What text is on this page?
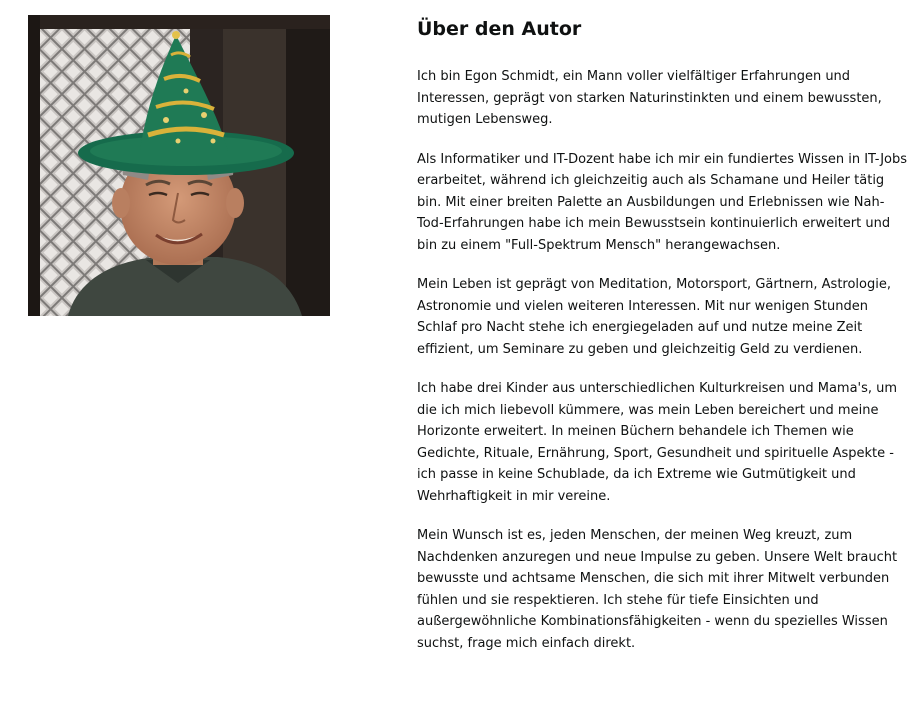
Über den Autor

Ich bin Egon Schmidt, ein Mann voller vielfältiger Erfahrungen und Interessen, geprägt von starken Naturinstinkten und einem bewussten, mutigen Lebensweg.

Als Informatiker und IT-Dozent habe ich mir ein fundiertes Wissen in IT-Jobs erarbeitet, während ich gleichzeitig auch als Schamane und Heiler tätig bin. Mit einer breiten Palette an Ausbildungen und Erlebnissen wie Nah-Tod-Erfahrungen habe ich mein Bewusstsein kontinuierlich erweitert und bin zu einem "Full-Spektrum Mensch" herangewachsen.

Mein Leben ist geprägt von Meditation, Motorsport, Gärtnern, Astrologie, Astronomie und vielen weiteren Interessen. Mit nur wenigen Stunden Schlaf pro Nacht stehe ich energiegeladen auf und nutze meine Zeit effizient, um Seminare zu geben und gleichzeitig Geld zu verdienen.

Ich habe drei Kinder aus unterschiedlichen Kulturkreisen und Mama's, um die ich mich liebevoll kümmere, was mein Leben bereichert und meine Horizonte erweitert. In meinen Büchern behandele ich Themen wie Gedichte, Rituale, Ernährung, Sport, Gesundheit und spirituelle Aspekte - ich passe in keine Schublade, da ich Extreme wie Gutmütigkeit und Wehrhaftigkeit in mir vereine.

Mein Wunsch ist es, jeden Menschen, der meinen Weg kreuzt, zum Nachdenken anzuregen und neue Impulse zu geben. Unsere Welt braucht bewusste und achtsame Menschen, die sich mit ihrer Mitwelt verbunden fühlen und sie respektieren. Ich stehe für tiefe Einsichten und außergewöhnliche Kombinationsfähigkeiten - wenn du spezielles Wissen suchst, frage mich einfach direkt.
